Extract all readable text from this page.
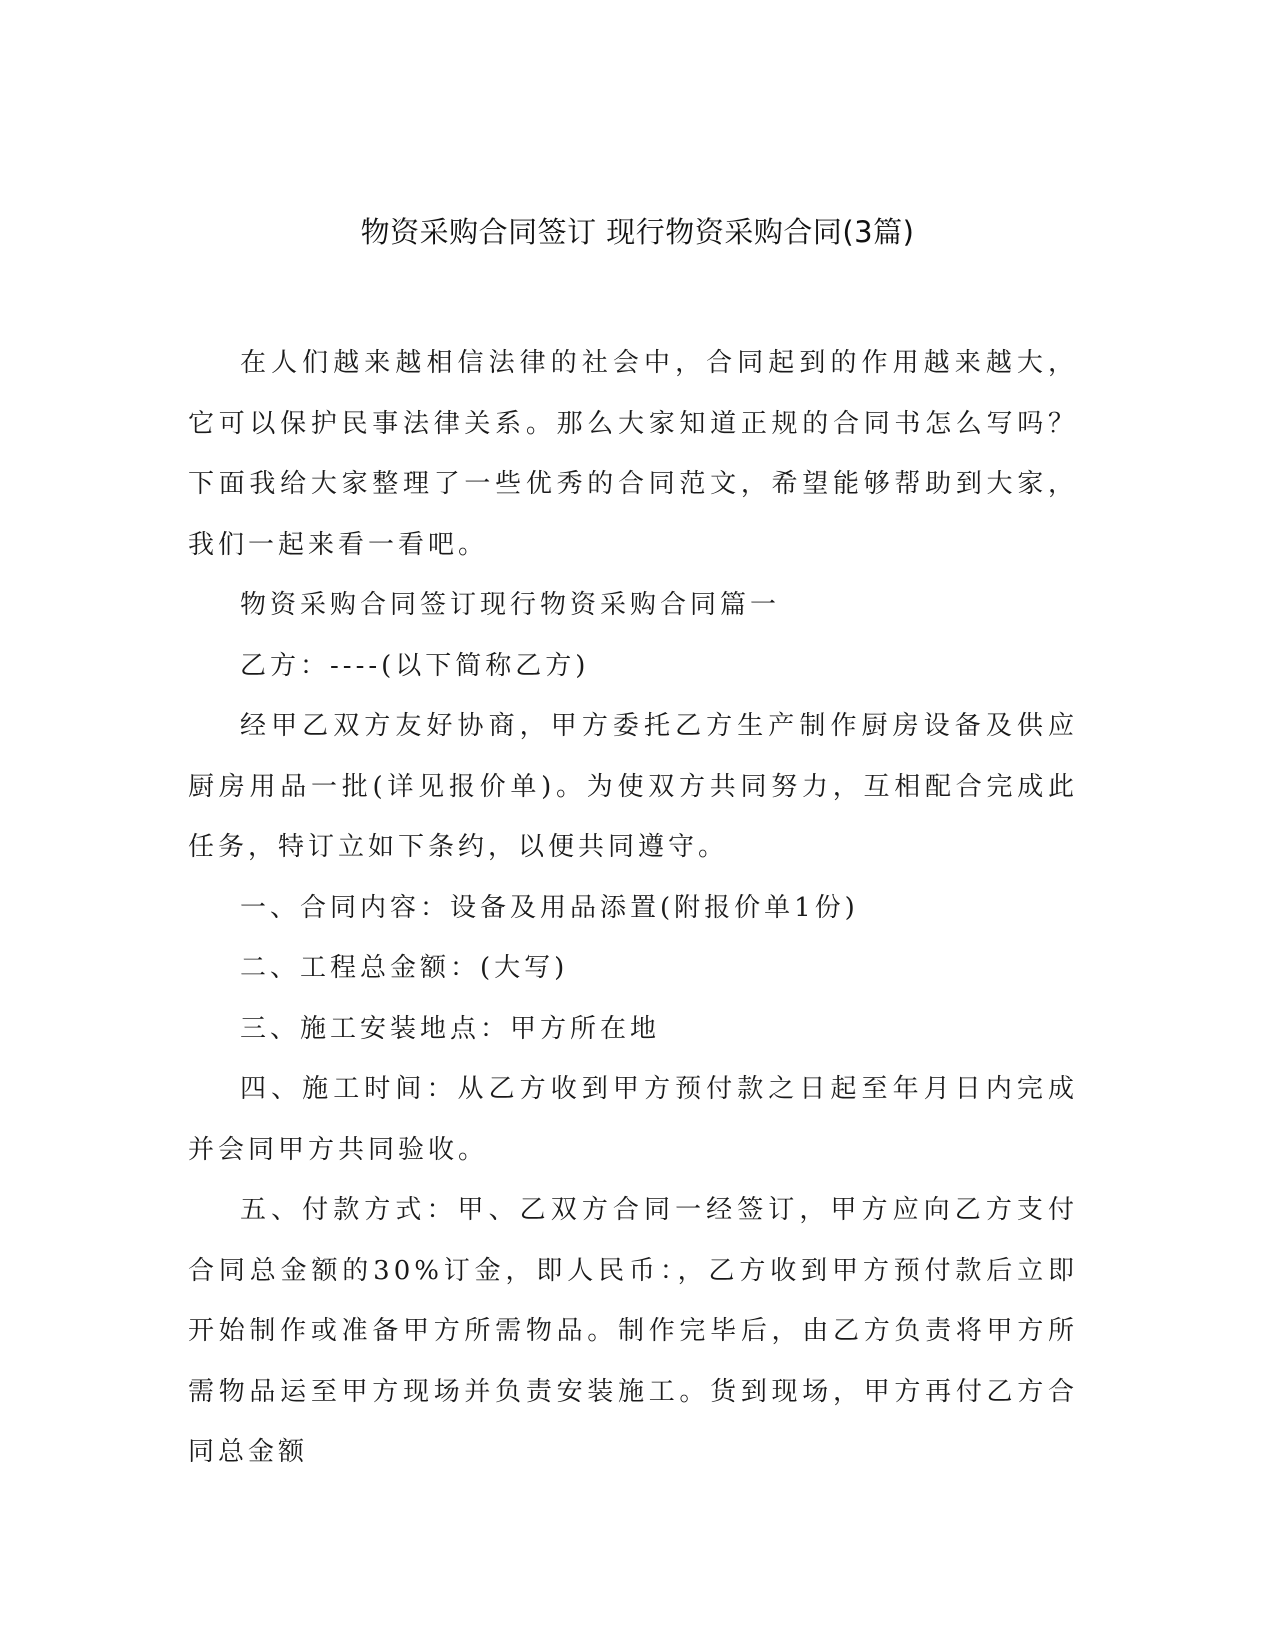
物资采购合同签订 现行物资采购合同(3篇)

在人们越来越相信法律的社会中，合同起到的作用越来越大，它可以保护民事法律关系。那么大家知道正规的合同书怎么写吗？下面我给大家整理了一些优秀的合同范文，希望能够帮助到大家，我们一起来看一看吧。

物资采购合同签订现行物资采购合同篇一

乙方：----(以下简称乙方)

经甲乙双方友好协商，甲方委托乙方生产制作厨房设备及供应厨房用品一批(详见报价单)。为使双方共同努力，互相配合完成此任务，特订立如下条约，以便共同遵守。

一、合同内容：设备及用品添置(附报价单1份)

二、工程总金额：(大写)

三、施工安装地点：甲方所在地

四、施工时间：从乙方收到甲方预付款之日起至年月日内完成并会同甲方共同验收。

五、付款方式：甲、乙双方合同一经签订，甲方应向乙方支付合同总金额的30%订金，即人民币：，乙方收到甲方预付款后立即开始制作或准备甲方所需物品。制作完毕后，由乙方负责将甲方所需物品运至甲方现场并负责安装施工。货到现场，甲方再付乙方合同总金额
